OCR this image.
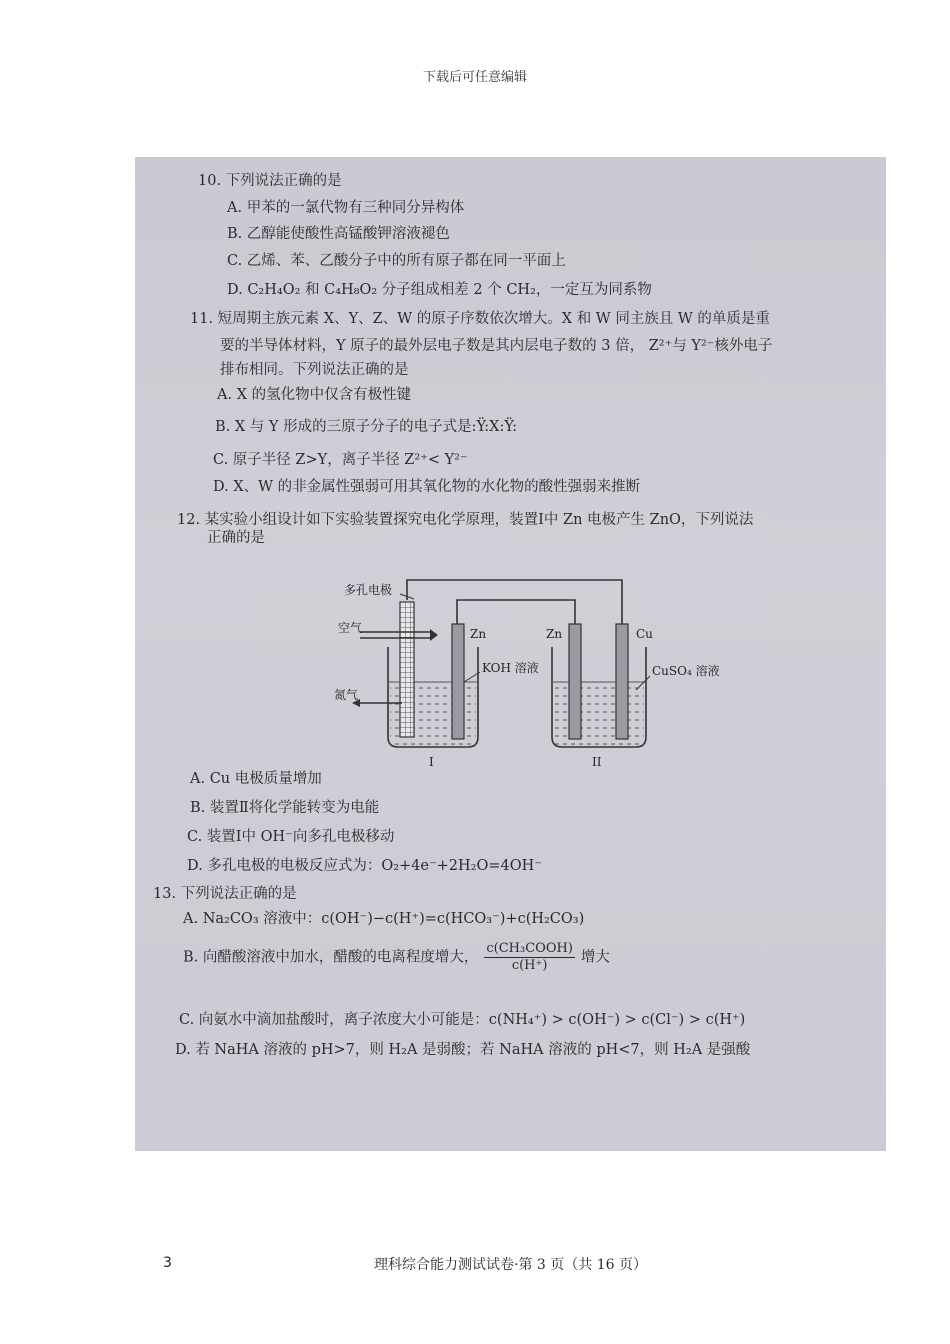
下载后可任意编辑
10. 下列说法正确的是
A. 甲苯的一氯代物有三种同分异构体
B. 乙醇能使酸性高锰酸钾溶液褪色
C. 乙烯、苯、乙酸分子中的所有原子都在同一平面上
D. C₂H₄O₂ 和 C₄H₈O₂ 分子组成相差 2 个 CH₂，一定互为同系物
11. 短周期主族元素 X、Y、Z、W 的原子序数依次增大。X 和 W 同主族且 W 的单质是重
要的半导体材料，Y 原子的最外层电子数是其内层电子数的 3 倍， Z²⁺与 Y²⁻核外电子
排布相同。下列说法正确的是
A. X 的氢化物中仅含有极性键
B. X 与 Y 形成的三原子分子的电子式是:Ÿ:X:Ÿ:
C. 原子半径 Z>Y，离子半径 Z²⁺< Y²⁻
D. X、W 的非金属性强弱可用其氧化物的水化物的酸性强弱来推断
12. 某实验小组设计如下实验装置探究电化学原理，装置Ⅰ中 Zn 电极产生 ZnO，下列说法
正确的是
多孔电极
空气
氮气
Zn
KOH 溶液
Zn	Cu
CuSO₄ 溶液
I	II
A. Cu 电极质量增加
B. 装置Ⅱ将化学能转变为电能
C. 装置Ⅰ中 OH⁻向多孔电极移动
D. 多孔电极的电极反应式为：O₂+4e⁻+2H₂O=4OH⁻
13. 下列说法正确的是
A. Na₂CO₃ 溶液中：c(OH⁻)−c(H⁺)=c(HCO₃⁻)+c(H₂CO₃)
B. 向醋酸溶液中加水，醋酸的电离程度增大， $\frac{\text{c(CH₃COOH)}}{c(H^+)}$ 增大
C. 向氨水中滴加盐酸时，离子浓度大小可能是：c(NH₄⁺) > c(OH⁻) > c(Cl⁻) > c(H⁺)
D. 若 NaHA 溶液的 pH>7，则 H₂A 是弱酸；若 NaHA 溶液的 pH<7，则 H₂A 是强酸
理科综合能力测试试卷·第 3 页（共 16 页）
3
